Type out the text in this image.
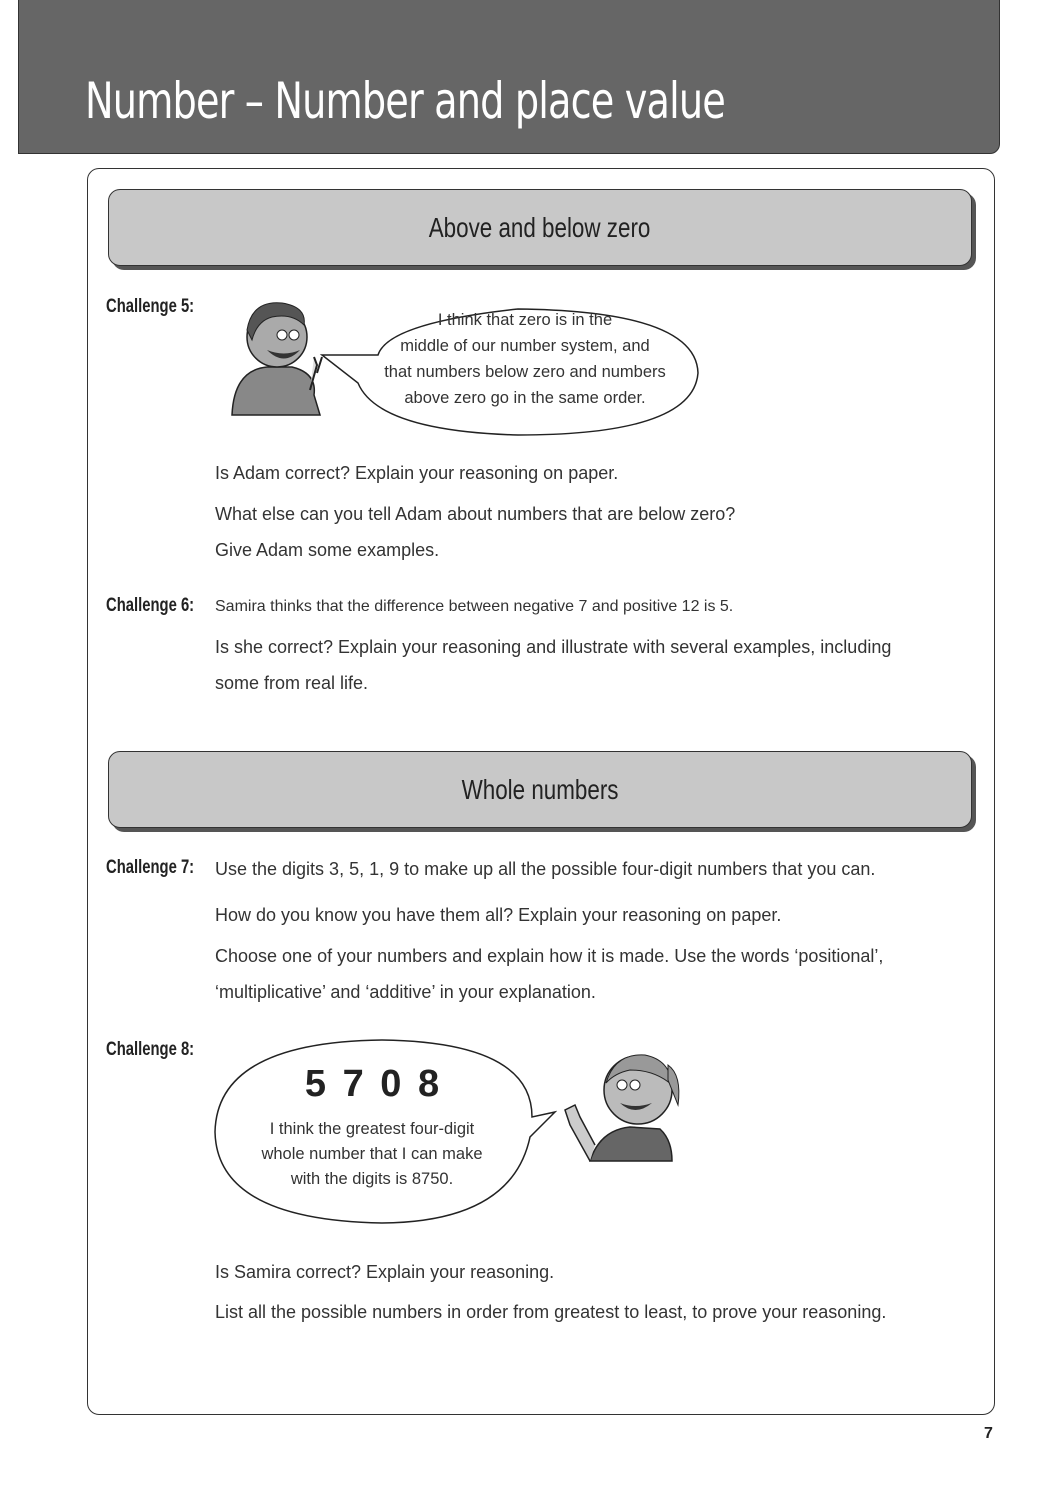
Number – Number and place value
Above and below zero
Challenge 5:
I think that zero is in the
middle of our number system, and
that numbers below zero and numbers
above zero go in the same order.
Is Adam correct? Explain your reasoning on paper.
What else can you tell Adam about numbers that are below zero?
Give Adam some examples.
Challenge 6: Samira thinks that the difference between negative 7 and positive 12 is 5.
Is she correct? Explain your reasoning and illustrate with several examples, including
some from real life.
Whole numbers
Challenge 7: Use the digits 3, 5, 1, 9 to make up all the possible four-digit numbers that you can.
How do you know you have them all? Explain your reasoning on paper.
Choose one of your numbers and explain how it is made. Use the words ‘positional’,
‘multiplicative’ and ‘additive’ in your explanation.
Challenge 8:
5 7 0 8
I think the greatest four-digit
whole number that I can make
with the digits is 8750.
Is Samira correct? Explain your reasoning.
List all the possible numbers in order from greatest to least, to prove your reasoning.
7
